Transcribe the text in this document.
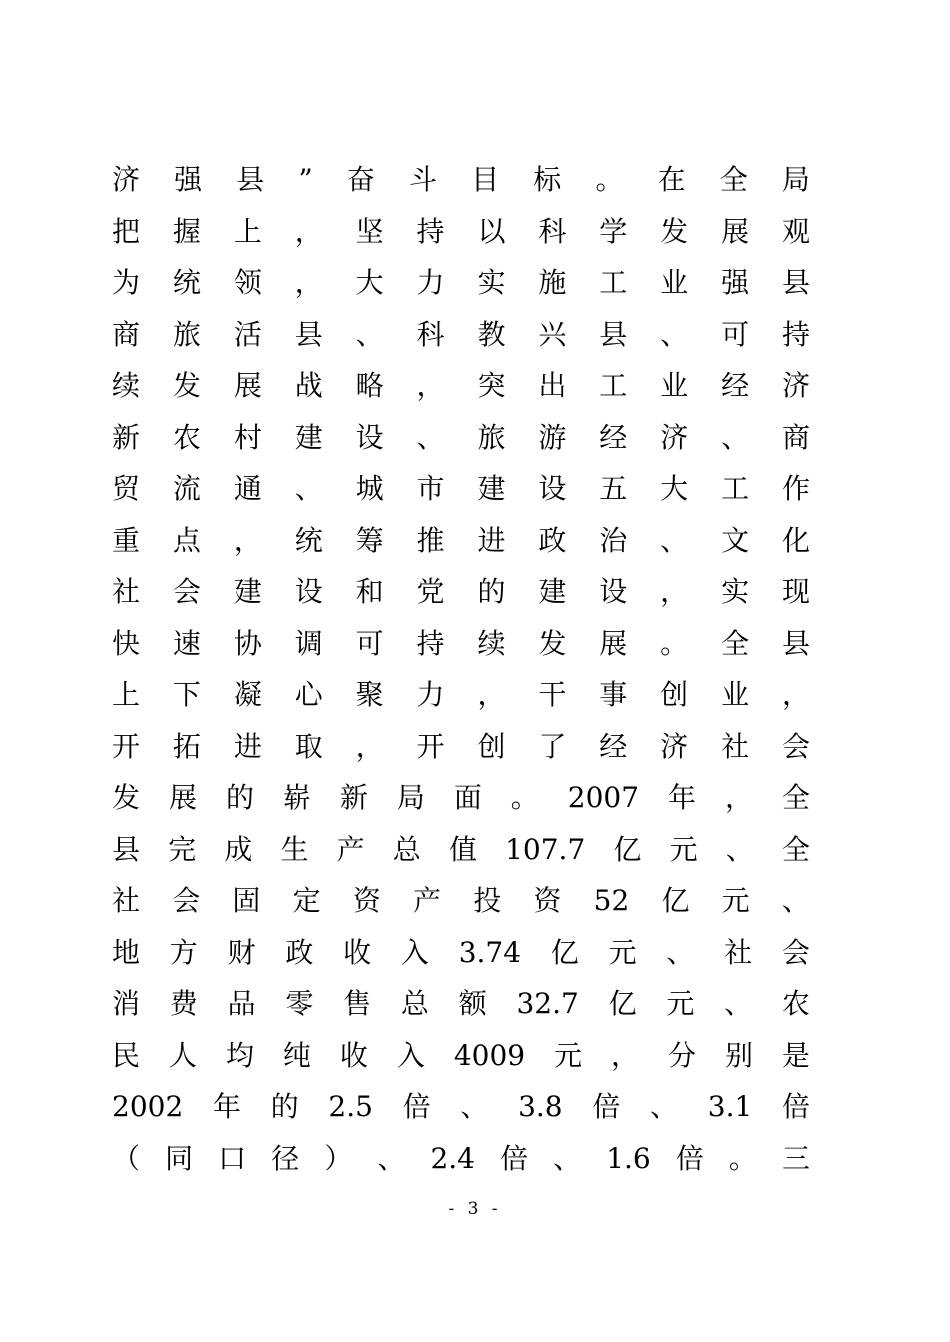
济 强 县 ” 奋 斗 目 标 。 在 全 局
把 握 上 ， 坚 持 以 科 学 发 展 观
为 统 领 ， 大 力 实 施 工 业 强 县
商 旅 活 县 、 科 教 兴 县 、 可 持
续 发 展 战 略 ， 突 出 工 业 经 济
新 农 村 建 设 、 旅 游 经 济 、 商
贸 流 通 、 城 市 建 设 五 大 工 作
重 点 ， 统 筹 推 进 政 治 、 文 化
社 会 建 设 和 党 的 建 设 ， 实 现
快 速 协 调 可 持 续 发 展 。 全 县
上 下 凝 心 聚 力 ， 干 事 创 业 ，
开 拓 进 取 ， 开 创 了 经 济 社 会
发 展 的 崭 新 局 面 。 2007 年 ， 全
县 完 成 生 产 总 值 107.7 亿 元 、 全
社 会 固 定 资 产 投 资 52 亿 元 、
地 方 财 政 收 入 3.74 亿 元 、 社 会
消 费 品 零 售 总 额 32.7 亿 元 、 农
民 人 均 纯 收 入 4009 元 ， 分 别 是
2002 年 的 2.5 倍 、 3.8 倍 、 3.1 倍
（ 同 口 径 ） 、 2.4 倍 、 1.6 倍 。 三
- 3 -
